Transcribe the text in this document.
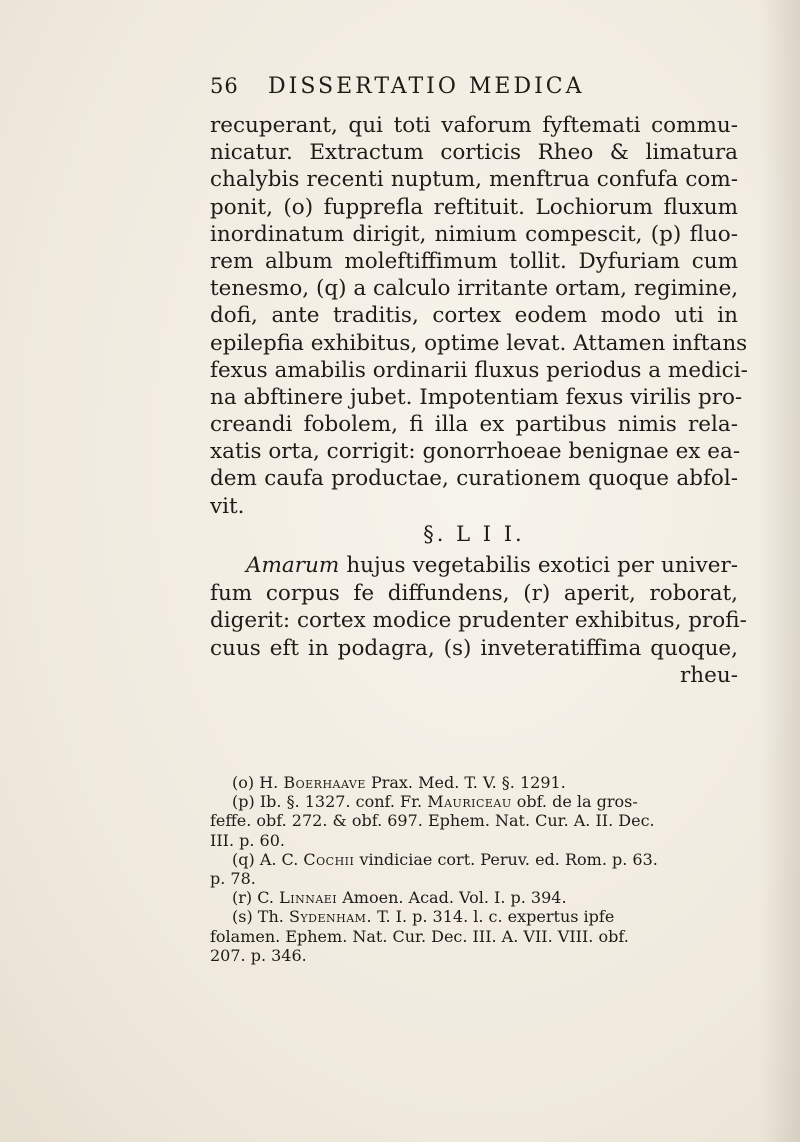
56 DISSERTATIO MEDICA
recuperant, qui toti vaforum fyftemati commu-
nicatur. Extractum corticis Rheo & limatura
chalybis recenti nuptum, menftrua confufa com-
ponit, (o) fupprefla reftituit. Lochiorum fluxum
inordinatum dirigit, nimium compescit, (p) fluo-
rem album moleftiffimum tollit. Dyfuriam cum
tenesmo, (q) a calculo irritante ortam, regimine,
dofi, ante traditis, cortex eodem modo uti in
epilepfia exhibitus, optime levat. Attamen inftans
fexus amabilis ordinarii fluxus periodus a medici-
na abftinere jubet. Impotentiam fexus virilis pro-
creandi fobolem, fi illa ex partibus nimis rela-
xatis orta, corrigit: gonorrhoeae benignae ex ea-
dem caufa productae, curationem quoque abfol-
vit.
§. L I I.
Amarum hujus vegetabilis exotici per univer-
fum corpus fe diffundens, (r) aperit, roborat,
digerit: cortex modice prudenter exhibitus, profi-
cuus eft in podagra, (s) inveteratiffima quoque,
rheu-
(o) H. Boerhaave Prax. Med. T. V. §. 1291.
(p) Ib. §. 1327. conf. Fr. Mauriceau obf. de la gros-
feffe. obf. 272. & obf. 697. Ephem. Nat. Cur. A. II. Dec.
III. p. 60.
(q) A. C. Cochii vindiciae cort. Peruv. ed. Rom. p. 63.
p. 78.
(r) C. Linnaei Amoen. Acad. Vol. I. p. 394.
(s) Th. Sydenham. T. I. p. 314. l. c. expertus ipfe
folamen. Ephem. Nat. Cur. Dec. III. A. VII. VIII. obf.
207. p. 346.
